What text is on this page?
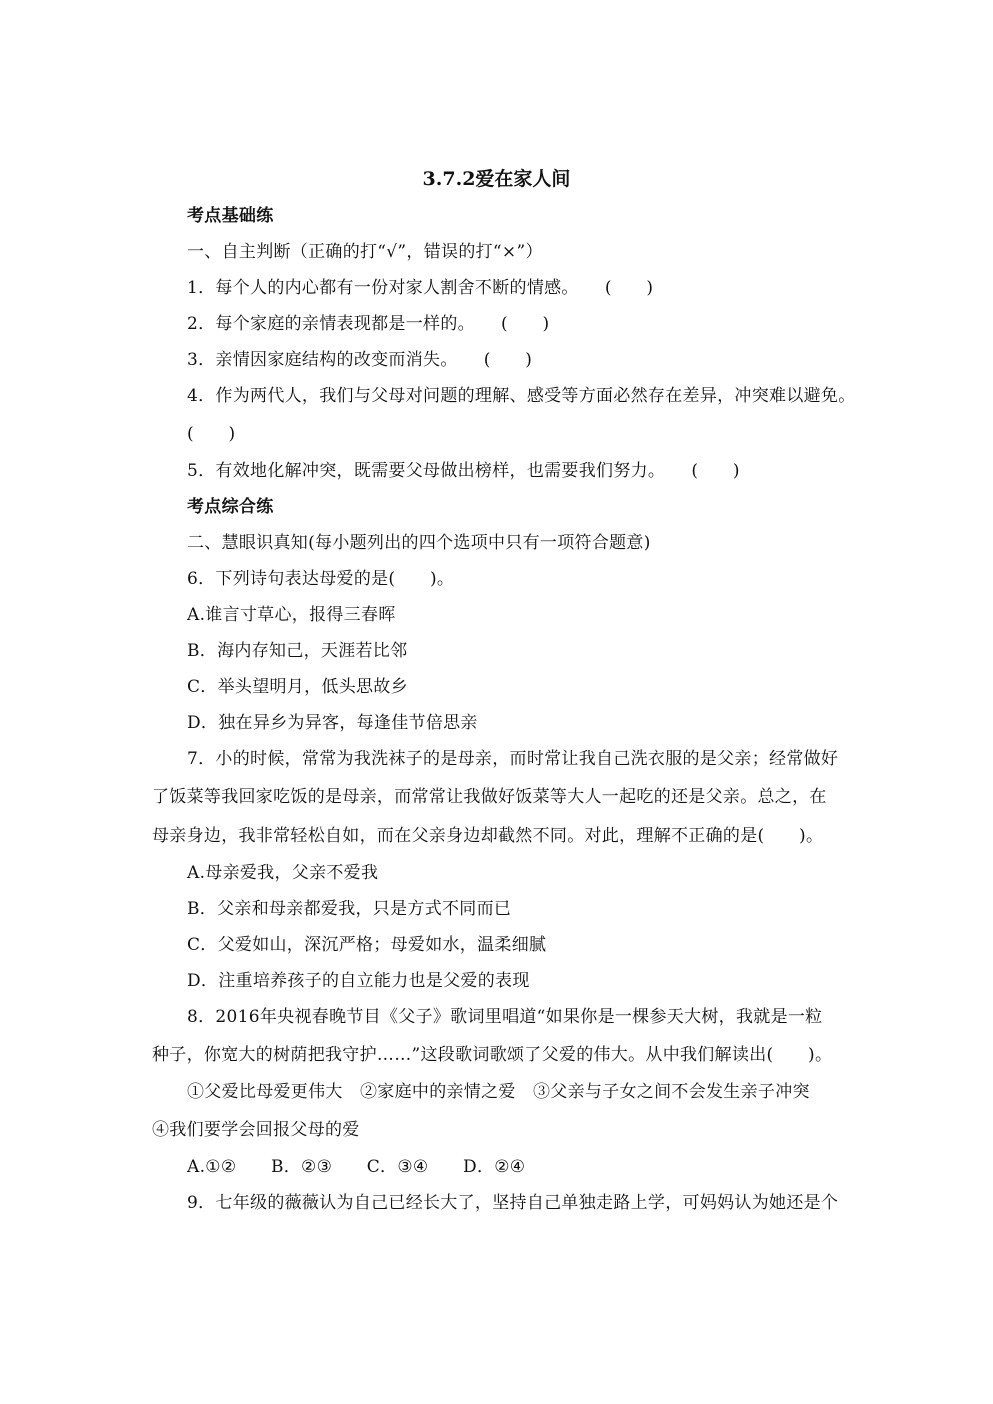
3.7.2爱在家人间
考点基础练
一、自主判断（正确的打“√”，错误的打“×”）
1．每个人的内心都有一份对家人割舍不断的情感。　　(　　)
2．每个家庭的亲情表现都是一样的。　　(　　)
3．亲情因家庭结构的改变而消失。　　(　　)
4．作为两代人，我们与父母对问题的理解、感受等方面必然存在差异，冲突难以避免。
(　　)
5．有效地化解冲突，既需要父母做出榜样，也需要我们努力。　　(　　)
考点综合练
二、慧眼识真知(每小题列出的四个选项中只有一项符合题意)
6．下列诗句表达母爱的是(　　)。
A.谁言寸草心，报得三春晖
B．海内存知己，天涯若比邻
C．举头望明月，低头思故乡
D．独在异乡为异客，每逢佳节倍思亲
7．小的时候，常常为我洗袜子的是母亲，而时常让我自己洗衣服的是父亲；经常做好
了饭菜等我回家吃饭的是母亲，而常常让我做好饭菜等大人一起吃的还是父亲。总之，在
母亲身边，我非常轻松自如，而在父亲身边却截然不同。对此，理解不正确的是(　　)。
A.母亲爱我，父亲不爱我
B．父亲和母亲都爱我，只是方式不同而已
C．父爱如山，深沉严格；母爱如水，温柔细腻
D．注重培养孩子的自立能力也是父爱的表现
8．2016年央视春晚节目《父子》歌词里唱道“如果你是一棵参天大树，我就是一粒
种子，你宽大的树荫把我守护……”这段歌词歌颂了父爱的伟大。从中我们解读出(　　)。
①父爱比母爱更伟大　②家庭中的亲情之爱　③父亲与子女之间不会发生亲子冲突
④我们要学会回报父母的爱
A.①②　　B．②③　　C．③④　　D．②④
9．七年级的薇薇认为自己已经长大了，坚持自己单独走路上学，可妈妈认为她还是个
